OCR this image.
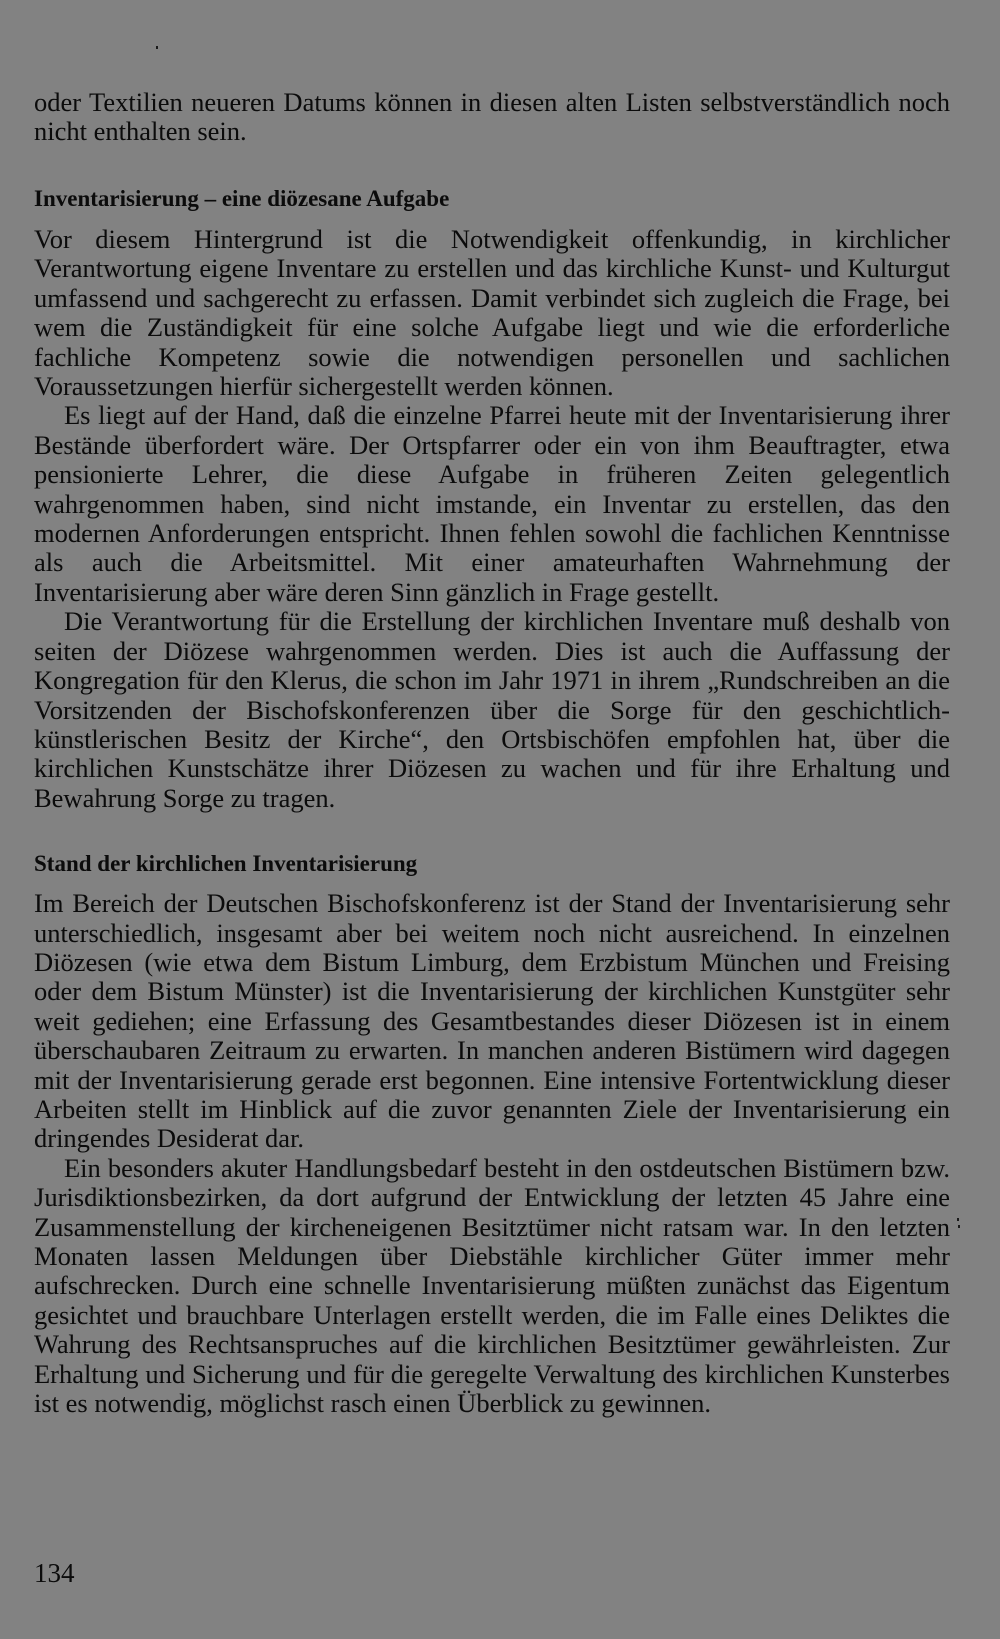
oder Textilien neueren Datums können in diesen alten Listen selbstverständlich noch nicht enthalten sein.

Inventarisierung – eine diözesane Aufgabe

Vor diesem Hintergrund ist die Notwendigkeit offenkundig, in kirchlicher Verantwortung eigene Inventare zu erstellen und das kirchliche Kunst- und Kulturgut umfassend und sachgerecht zu erfassen. Damit verbindet sich zugleich die Frage, bei wem die Zuständigkeit für eine solche Aufgabe liegt und wie die erforderliche fachliche Kompetenz sowie die notwendigen personellen und sachlichen Voraussetzungen hierfür sichergestellt werden können.

Es liegt auf der Hand, daß die einzelne Pfarrei heute mit der Inventarisierung ihrer Bestände überfordert wäre. Der Ortspfarrer oder ein von ihm Beauftragter, etwa pensionierte Lehrer, die diese Aufgabe in früheren Zeiten gelegentlich wahrgenommen haben, sind nicht imstande, ein Inventar zu erstellen, das den modernen Anforderungen entspricht. Ihnen fehlen sowohl die fachlichen Kenntnisse als auch die Arbeitsmittel. Mit einer amateurhaften Wahrnehmung der Inventarisierung aber wäre deren Sinn gänzlich in Frage gestellt.

Die Verantwortung für die Erstellung der kirchlichen Inventare muß deshalb von seiten der Diözese wahrgenommen werden. Dies ist auch die Auffassung der Kongregation für den Klerus, die schon im Jahr 1971 in ihrem „Rundschreiben an die Vorsitzenden der Bischofskonferenzen über die Sorge für den geschichtlich-künstlerischen Besitz der Kirche“, den Ortsbischöfen empfohlen hat, über die kirchlichen Kunstschätze ihrer Diözesen zu wachen und für ihre Erhaltung und Bewahrung Sorge zu tragen.

Stand der kirchlichen Inventarisierung

Im Bereich der Deutschen Bischofskonferenz ist der Stand der Inventarisierung sehr unterschiedlich, insgesamt aber bei weitem noch nicht ausreichend. In einzelnen Diözesen (wie etwa dem Bistum Limburg, dem Erzbistum München und Freising oder dem Bistum Münster) ist die Inventarisierung der kirchlichen Kunstgüter sehr weit gediehen; eine Erfassung des Gesamtbestandes dieser Diözesen ist in einem überschaubaren Zeitraum zu erwarten. In manchen anderen Bistümern wird dagegen mit der Inventarisierung gerade erst begonnen. Eine intensive Fortentwicklung dieser Arbeiten stellt im Hinblick auf die zuvor genannten Ziele der Inventarisierung ein dringendes Desiderat dar.

Ein besonders akuter Handlungsbedarf besteht in den ostdeutschen Bistümern bzw. Jurisdiktionsbezirken, da dort aufgrund der Entwicklung der letzten 45 Jahre eine Zusammenstellung der kircheneigenen Besitztümer nicht ratsam war. In den letzten Monaten lassen Meldungen über Diebstähle kirchlicher Güter immer mehr aufschrecken. Durch eine schnelle Inventarisierung müßten zunächst das Eigentum gesichtet und brauchbare Unterlagen erstellt werden, die im Falle eines Deliktes die Wahrung des Rechtsanspruches auf die kirchlichen Besitztümer gewährleisten. Zur Erhaltung und Sicherung und für die geregelte Verwaltung des kirchlichen Kunsterbes ist es notwendig, möglichst rasch einen Überblick zu gewinnen.

134
